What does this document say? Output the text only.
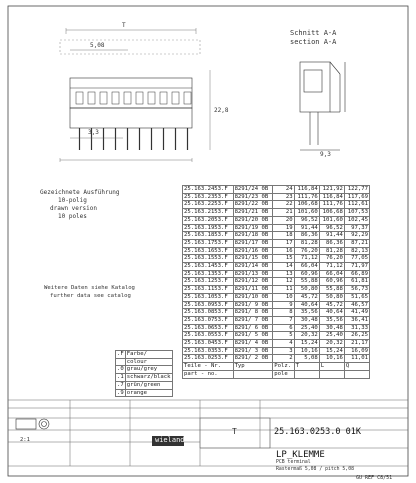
Schnitt A-A
section A-A
T
5,08
3,3
22,8
9,3
Gezeichnete Ausführung
10-polig
drawn version
10 poles
Weitere Daten siehe Katalog
further data see catalog
25.163.2453.F	8291/24 0B	24	116,84	121,92	122,77
25.163.2353.F	8291/23 0B	23	111,76	116,84	117,69
25.163.2253.F	8291/22 0B	22	106,68	111,76	112,61
25.163.2153.F	8291/21 0B	21	101,60	106,68	107,53
25.163.2053.F	8291/20 0B	20	96,52	101,60	102,45
25.163.1953.F	8291/19 0B	19	91,44	96,52	97,37
25.163.1853.F	8291/18 0B	18	86,36	91,44	92,29
25.163.1753.F	8291/17 0B	17	81,28	86,36	87,21
25.163.1653.F	8291/16 0B	16	76,20	81,28	82,13
25.163.1553.F	8291/15 0B	15	71,12	76,20	77,05
25.163.1453.F	8291/14 0B	14	66,04	71,12	71,97
25.163.1353.F	8291/13 0B	13	60,96	66,04	66,89
25.163.1253.F	8291/12 0B	12	55,88	60,96	61,81
25.163.1153.F	8291/11 0B	11	50,80	55,88	56,73
25.163.1053.F	8291/10 0B	10	45,72	50,80	51,65
25.163.0953.F	8291/ 9 0B	9	40,64	45,72	46,57
25.163.0853.F	8291/ 8 0B	8	35,56	40,64	41,49
25.163.0753.F	8291/ 7 0B	7	30,48	35,56	36,41
25.163.0653.F	8291/ 6 0B	6	25,40	30,48	31,33
25.163.0553.F	8291/ 5 0B	5	20,32	25,40	26,25
25.163.0453.F	8291/ 4 0B	4	15,24	20,32	21,17
25.163.0353.F	8291/ 3 0B	3	10,16	15,24	16,09
25.163.0253.F	8291/ 2 0B	2	5,08	10,16	11,01
Teile - Nr.	Typ	Polz.	T	L	Q
part - no.		pole			
.F	Farbe/
	colour
.0	grau/grey
.1	schwarz/black
.7	grün/green
.9	orange
2:1
T	25.163.0253.0 01K
LP_KLEMME
PCB terminal
Rastermaß 5,08 / pitch 5,08
wieland
GU REF C8/51
